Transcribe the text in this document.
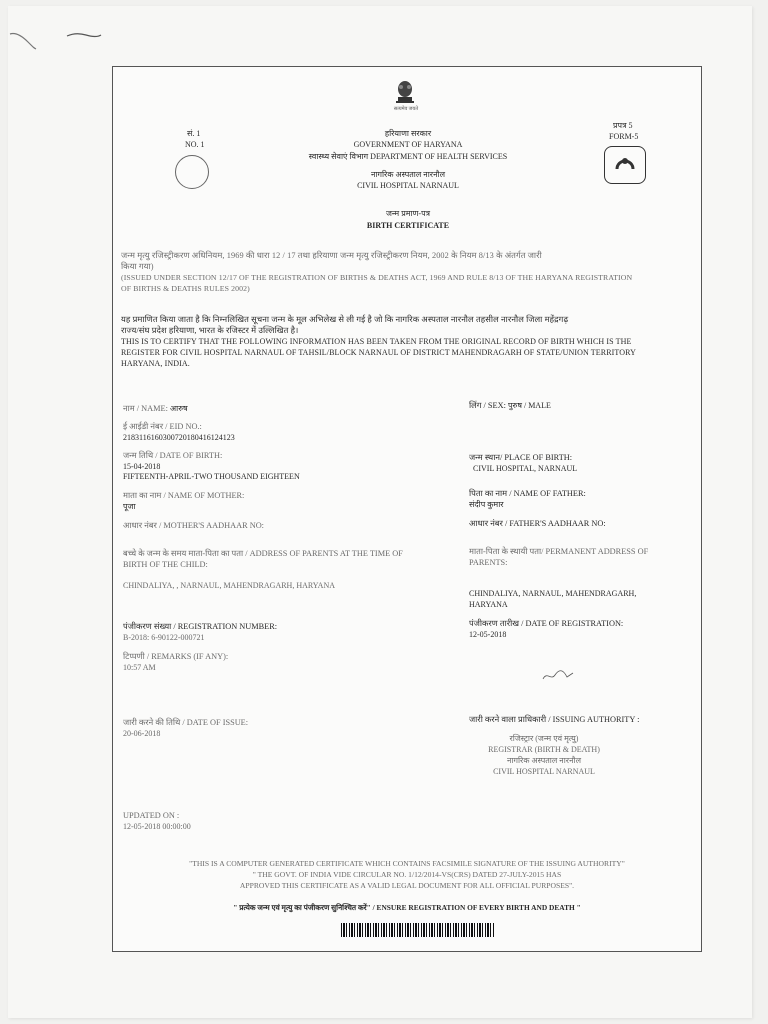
सत्यमेव जयते
सं. 1
NO. 1
प्रपत्र 5
FORM-5
हरियाणा सरकार
GOVERNMENT OF HARYANA
स्वास्थ्य सेवाएं विभाग DEPARTMENT OF HEALTH SERVICES
नागरिक अस्पताल नारनौल
CIVIL HOSPITAL NARNAUL
जन्म प्रमाण-पत्र
BIRTH CERTIFICATE
जन्म मृत्यु रजिस्ट्रीकरण अधिनियम, 1969 की धारा 12 / 17 तथा हरियाणा जन्म मृत्यु रजिस्ट्रीकरण नियम, 2002 के नियम 8/13 के अंतर्गत जारी
किया गया)
(ISSUED UNDER SECTION 12/17 OF THE REGISTRATION OF BIRTHS & DEATHS ACT, 1969 AND RULE 8/13 OF THE HARYANA REGISTRATION
OF BIRTHS & DEATHS RULES 2002)
यह प्रमाणित किया जाता है कि निम्नलिखित सूचना जन्म के मूल अभिलेख से ली गई है जो कि नागरिक अस्पताल नारनौल तहसील नारनौल जिला महेंद्रगढ़
राज्य/संघ प्रदेश हरियाणा, भारत के रजिस्टर में उल्लिखित है।
THIS IS TO CERTIFY THAT THE FOLLOWING INFORMATION HAS BEEN TAKEN FROM THE ORIGINAL RECORD OF BIRTH WHICH IS THE
REGISTER FOR CIVIL HOSPITAL NARNAUL OF TAHSIL/BLOCK NARNAUL OF DISTRICT MAHENDRAGARH OF STATE/UNION TERRITORY
HARYANA, INDIA.
नाम / NAME: आरुष
ई आईडी नंबर / EID NO.:
2183116160300720180416124123
जन्म तिथि / DATE OF BIRTH:
15-04-2018
FIFTEENTH-APRIL-TWO THOUSAND EIGHTEEN
माता का नाम / NAME OF MOTHER:
पूजा
आधार नंबर / MOTHER'S AADHAAR NO:
बच्चे के जन्म के समय माता-पिता का पता / ADDRESS OF PARENTS AT THE TIME OF
BIRTH OF THE CHILD:
CHINDALIYA, , NARNAUL, MAHENDRAGARH, HARYANA
पंजीकरण संख्या / REGISTRATION NUMBER:
B-2018: 6-90122-000721
टिप्पणी / REMARKS (IF ANY):
10:57 AM
जारी करने की तिथि / DATE OF ISSUE:
20-06-2018
UPDATED ON :
12-05-2018 00:00:00
लिंग / SEX: पुरुष / MALE
जन्म स्थान/ PLACE OF BIRTH:
CIVIL HOSPITAL, NARNAUL
पिता का नाम / NAME OF FATHER:
संदीप कुमार
आधार नंबर / FATHER'S AADHAAR NO:
माता-पिता के स्थायी पता/ PERMANENT ADDRESS OF
PARENTS:
CHINDALIYA, NARNAUL, MAHENDRAGARH,
HARYANA
पंजीकरण तारीख / DATE OF REGISTRATION:
12-05-2018
जारी करने वाला प्राधिकारी / ISSUING AUTHORITY :
रजिस्ट्रार (जन्म एवं मृत्यु)
REGISTRAR (BIRTH & DEATH)
नागरिक अस्पताल नारनौल
CIVIL HOSPITAL NARNAUL
"THIS IS A COMPUTER GENERATED CERTIFICATE WHICH CONTAINS FACSIMILE SIGNATURE OF THE ISSUING AUTHORITY"
" THE GOVT. OF INDIA VIDE CIRCULAR NO. 1/12/2014-VS(CRS) DATED 27-JULY-2015 HAS
APPROVED THIS CERTIFICATE AS A VALID LEGAL DOCUMENT FOR ALL OFFICIAL PURPOSES".
" प्रत्येक जन्म एवं मृत्यु का पंजीकरण सुनिश्चित करें" / ENSURE REGISTRATION OF EVERY BIRTH AND DEATH "
